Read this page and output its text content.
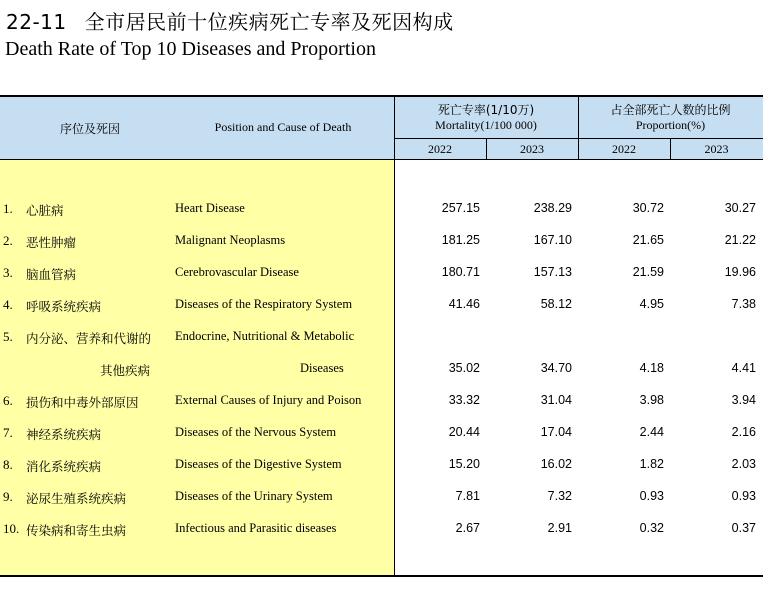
22-11 全市居民前十位疾病死亡专率及死因构成
Death Rate of Top 10 Diseases and Proportion
序位及死因	Position and Cause of Death
死亡专率(1/10万)
Mortality(1/100 000)
占全部死亡人数的比例
Proportion(%)
2022	2023	2022	2023
1. 心脏病	Heart Disease	257.15	238.29	30.72	30.27
2. 恶性肿瘤	Malignant Neoplasms	181.25	167.10	21.65	21.22
3. 脑血管病	Cerebrovascular Disease	180.71	157.13	21.59	19.96
4. 呼吸系统疾病	Diseases of the Respiratory System	41.46	58.12	4.95	7.38
5. 内分泌、营养和代谢的 Endocrine, Nutritional & Metabolic
其他疾病	Diseases	35.02	34.70	4.18	4.41
6. 损伤和中毒外部原因	External Causes of Injury and Poison	33.32	31.04	3.98	3.94
7. 神经系统疾病	Diseases of the Nervous System	20.44	17.04	2.44	2.16
8. 消化系统疾病	Diseases of the Digestive System	15.20	16.02	1.82	2.03
9. 泌尿生殖系统疾病	Diseases of the Urinary System	7.81	7.32	0.93	0.93
10. 传染病和寄生虫病	Infectious and Parasitic diseases	2.67	2.91	0.32	0.37
